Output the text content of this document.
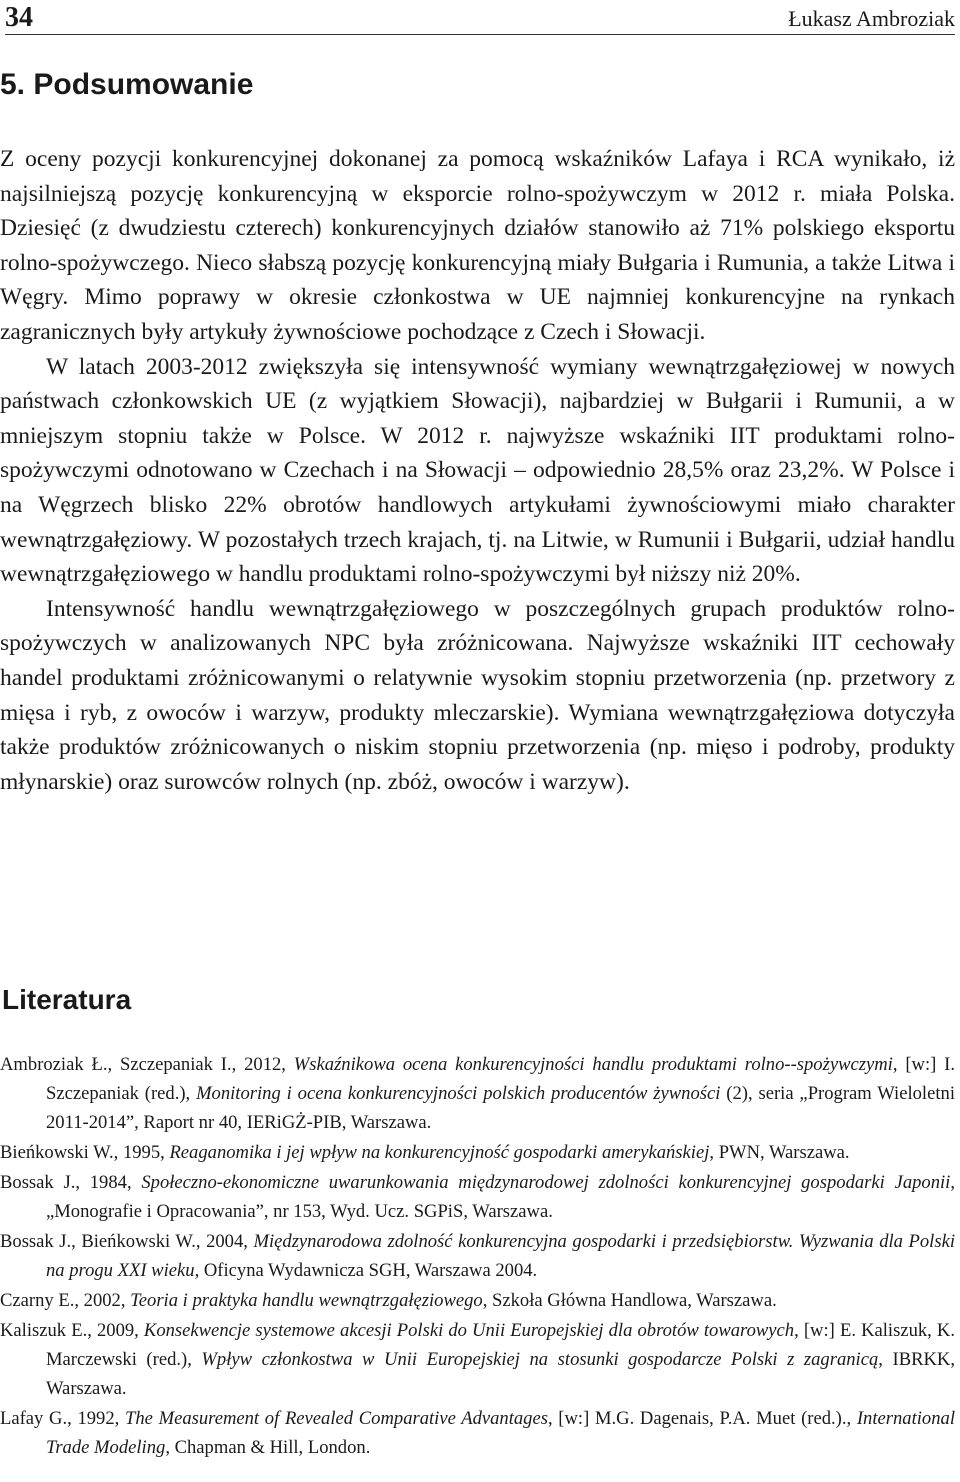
34	Łukasz Ambroziak
5. Podsumowanie

Z oceny pozycji konkurencyjnej dokonanej za pomocą wskaźników Lafaya i RCA wynikało, iż najsilniejszą pozycję konkurencyjną w eksporcie rolno-spożywczym w 2012 r. miała Polska. Dziesięć (z dwudziestu czterech) konkurencyjnych działów stanowiło aż 71% polskiego eksportu rolno-spożywczego. Nieco słabszą pozycję konkurencyjną miały Bułgaria i Rumunia, a także Litwa i Węgry. Mimo poprawy w okresie członkostwa w UE najmniej konkurencyjne na rynkach zagranicznych były artykuły żywnościowe pochodzące z Czech i Słowacji.

W latach 2003-2012 zwiększyła się intensywność wymiany wewnątrzgałęziowej w nowych państwach członkowskich UE (z wyjątkiem Słowacji), najbardziej w Bułgarii i Rumunii, a w mniejszym stopniu także w Polsce. W 2012 r. najwyższe wskaźniki IIT produktami rolno-spożywczymi odnotowano w Czechach i na Słowacji – odpowiednio 28,5% oraz 23,2%. W Polsce i na Węgrzech blisko 22% obrotów handlowych artykułami żywnościowymi miało charakter wewnątrzgałęziowy. W pozostałych trzech krajach, tj. na Litwie, w Rumunii i Bułgarii, udział handlu wewnątrzgałęziowego w handlu produktami rolno-spożywczymi był niższy niż 20%.

Intensywność handlu wewnątrzgałęziowego w poszczególnych grupach produktów rolno-spożywczych w analizowanych NPC była zróżnicowana. Najwyższe wskaźniki IIT cechowały handel produktami zróżnicowanymi o relatywnie wysokim stopniu przetworzenia (np. przetwory z mięsa i ryb, z owoców i warzyw, produkty mleczarskie). Wymiana wewnątrzgałęziowa dotyczyła także produktów zróżnicowanych o niskim stopniu przetworzenia (np. mięso i podroby, produkty młynarskie) oraz surowców rolnych (np. zbóż, owoców i warzyw).

Literatura

Ambroziak Ł., Szczepaniak I., 2012, Wskaźnikowa ocena konkurencyjności handlu produktami rolno--spożywczymi, [w:] I. Szczepaniak (red.), Monitoring i ocena konkurencyjności polskich producentów żywności (2), seria „Program Wieloletni 2011-2014”, Raport nr 40, IERiGŻ-PIB, Warszawa.

Bieńkowski W., 1995, Reaganomika i jej wpływ na konkurencyjność gospodarki amerykańskiej, PWN, Warszawa.

Bossak J., 1984, Społeczno-ekonomiczne uwarunkowania międzynarodowej zdolności konkurencyjnej gospodarki Japonii, „Monografie i Opracowania”, nr 153, Wyd. Ucz. SGPiS, Warszawa.

Bossak J., Bieńkowski W., 2004, Międzynarodowa zdolność konkurencyjna gospodarki i przedsiębiorstw. Wyzwania dla Polski na progu XXI wieku, Oficyna Wydawnicza SGH, Warszawa 2004.

Czarny E., 2002, Teoria i praktyka handlu wewnątrzgałęziowego, Szkoła Główna Handlowa, Warszawa.

Kaliszuk E., 2009, Konsekwencje systemowe akcesji Polski do Unii Europejskiej dla obrotów towarowych, [w:] E. Kaliszuk, K. Marczewski (red.), Wpływ członkostwa w Unii Europejskiej na stosunki gospodarcze Polski z zagranicą, IBRKK, Warszawa.

Lafay G., 1992, The Measurement of Revealed Comparative Advantages, [w:] M.G. Dagenais, P.A. Muet (red.)., International Trade Modeling, Chapman & Hill, London.
